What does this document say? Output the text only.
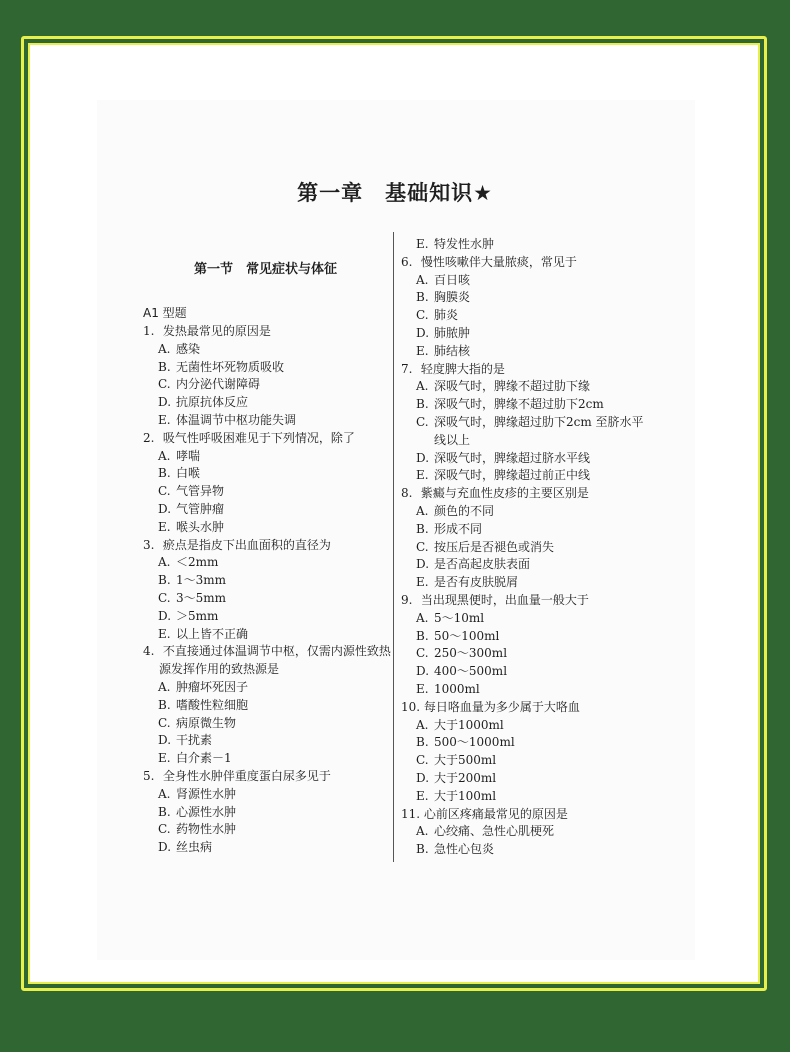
第一章　基础知识★
第一节　常见症状与体征
A1 型题
1. 发热最常见的原因是
A. 感染
B. 无菌性坏死物质吸收
C. 内分泌代谢障碍
D. 抗原抗体反应
E. 体温调节中枢功能失调
2. 吸气性呼吸困难见于下列情况，除了
A. 哮喘
B. 白喉
C. 气管异物
D. 气管肿瘤
E. 喉头水肿
3. 瘀点是指皮下出血面积的直径为
A. ＜2mm
B. 1～3mm
C. 3～5mm
D. ＞5mm
E. 以上皆不正确
4. 不直接通过体温调节中枢，仅需内源性致热
源发挥作用的致热源是
A. 肿瘤坏死因子
B. 嗜酸性粒细胞
C. 病原微生物
D. 干扰素
E. 白介素－1
5. 全身性水肿伴重度蛋白尿多见于
A. 肾源性水肿
B. 心源性水肿
C. 药物性水肿
D. 丝虫病
E. 特发性水肿
6. 慢性咳嗽伴大量脓痰，常见于
A. 百日咳
B. 胸膜炎
C. 肺炎
D. 肺脓肿
E. 肺结核
7. 轻度脾大指的是
A. 深吸气时，脾缘不超过肋下缘
B. 深吸气时，脾缘不超过肋下2cm
C. 深吸气时，脾缘超过肋下2cm 至脐水平
线以上
D. 深吸气时，脾缘超过脐水平线
E. 深吸气时，脾缘超过前正中线
8. 紫癜与充血性皮疹的主要区别是
A. 颜色的不同
B. 形成不同
C. 按压后是否褪色或消失
D. 是否高起皮肤表面
E. 是否有皮肤脱屑
9. 当出现黑便时，出血量一般大于
A. 5～10ml
B. 50～100ml
C. 250～300ml
D. 400～500ml
E. 1000ml
10. 每日咯血量为多少属于大咯血
A. 大于1000ml
B. 500～1000ml
C. 大于500ml
D. 大于200ml
E. 大于100ml
11. 心前区疼痛最常见的原因是
A. 心绞痛、急性心肌梗死
B. 急性心包炎
